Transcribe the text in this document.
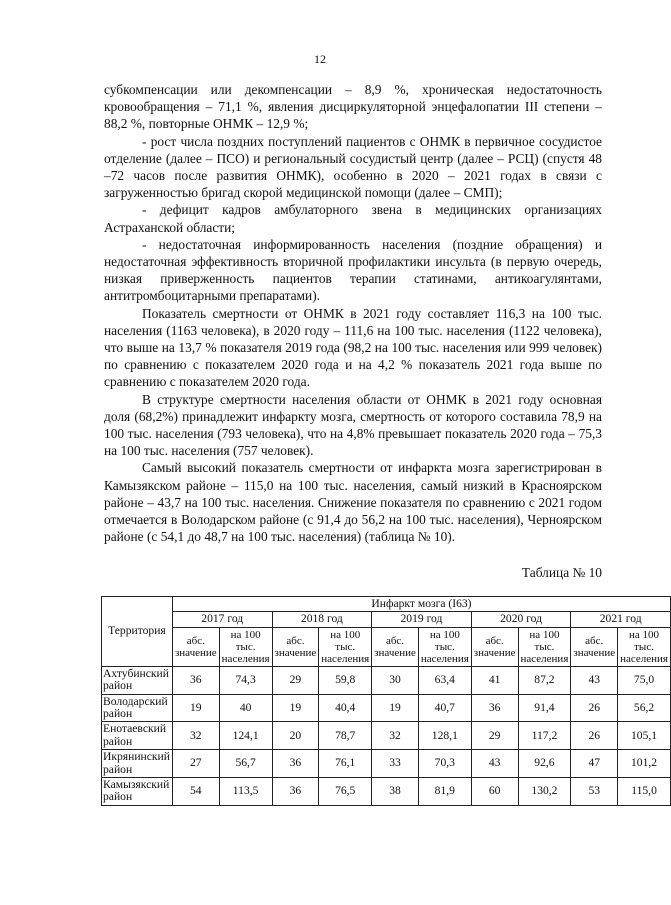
12

субкомпенсации или декомпенсации – 8,9 %, хроническая недостаточность кровообращения – 71,1 %, явления дисциркуляторной энцефалопатии III степени – 88,2 %, повторные ОНМК – 12,9 %;

- рост числа поздних поступлений пациентов с ОНМК в первичное сосудистое отделение (далее – ПСО) и региональный сосудистый центр (далее – РСЦ) (спустя 48 –72 часов после развития ОНМК), особенно в 2020 – 2021 годах в связи с загруженностью бригад скорой медицинской помощи (далее – СМП);

- дефицит кадров амбулаторного звена в медицинских организациях Астраханской области;

- недостаточная информированность населения (поздние обращения) и недостаточная эффективность вторичной профилактики инсульта (в первую очередь, низкая приверженность пациентов терапии статинами, антикоагулянтами, антитромбоцитарными препаратами).

Показатель смертности от ОНМК в 2021 году составляет 116,3 на 100 тыс. населения (1163 человека), в 2020 году – 111,6 на 100 тыс. населения (1122 человека), что выше на 13,7 % показателя 2019 года (98,2 на 100 тыс. населения или 999 человек) по сравнению с показателем 2020 года и на 4,2 % показатель 2021 года выше по сравнению с показателем 2020 года.

В структуре смертности населения области от ОНМК в 2021 году основная доля (68,2%) принадлежит инфаркту мозга, смертность от которого составила 78,9 на 100 тыс. населения (793 человека), что на 4,8% превышает показатель 2020 года – 75,3 на 100 тыс. населения (757 человек).

Самый высокий показатель смертности от инфаркта мозга зарегистрирован в Камызякском районе – 115,0 на 100 тыс. населения, самый низкий в Красноярском районе – 43,7 на 100 тыс. населения. Снижение показателя по сравнению с 2021 годом отмечается в Володарском районе (с 91,4 до 56,2 на 100 тыс. населения), Черноярском районе (с 54,1 до 48,7 на 100 тыс. населения) (таблица № 10).

Таблица № 10
Территория	Инфаркт мозга (I63)									
	2017 год		2018 год		2019 год		2020 год		2021 год	
	абс. значение	на 100 тыс. населения	абс. значение	на 100 тыс. населения	абс. значение	на 100 тыс. населения	абс. значение	на 100 тыс. населения	абс. значение	на 100 тыс. населения
Ахтубинский район	36	74,3	29	59,8	30	63,4	41	87,2	43	75,0
Володарский район	19	40	19	40,4	19	40,7	36	91,4	26	56,2
Енотаевский район	32	124,1	20	78,7	32	128,1	29	117,2	26	105,1
Икрянинский район	27	56,7	36	76,1	33	70,3	43	92,6	47	101,2
Камызякский район	54	113,5	36	76,5	38	81,9	60	130,2	53	115,0
